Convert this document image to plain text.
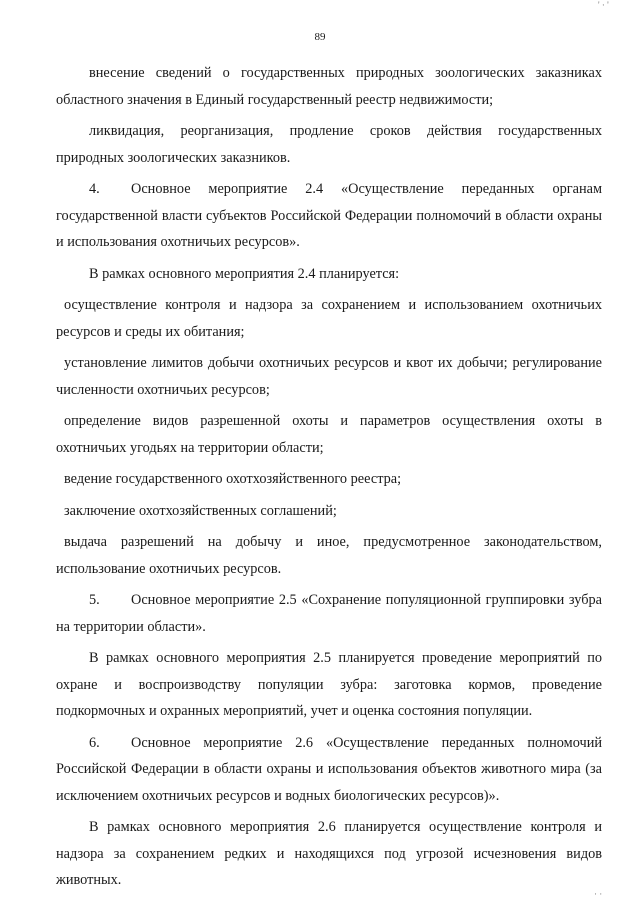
' · '
89

внесение сведений о государственных природных зоологических заказниках областного значения в Единый государственный реестр недвижимости;

ликвидация, реорганизация, продление сроков действия государственных природных зоологических заказников.

4. Основное мероприятие 2.4 «Осуществление переданных органам государственной власти субъектов Российской Федерации полномочий в области охраны и использования охотничьих ресурсов».

В рамках основного мероприятия 2.4 планируется:

осуществление контроля и надзора за сохранением и использованием охотничьих ресурсов и среды их обитания;

установление лимитов добычи охотничьих ресурсов и квот их добычи; регулирование численности охотничьих ресурсов;

определение видов разрешенной охоты и параметров осуществления охоты в охотничьих угодьях на территории области;

ведение государственного охотхозяйственного реестра;

заключение охотхозяйственных соглашений;

выдача разрешений на добычу и иное, предусмотренное законодательством, использование охотничьих ресурсов.

5. Основное мероприятие 2.5 «Сохранение популяционной группировки зубра на территории области».

В рамках основного мероприятия 2.5 планируется проведение мероприятий по охране и воспроизводству популяции зубра: заготовка кормов, проведение подкормочных и охранных мероприятий, учет и оценка состояния популяции.

6. Основное мероприятие 2.6 «Осуществление переданных полномочий Российской Федерации в области охраны и использования объектов животного мира (за исключением охотничьих ресурсов и водных биологических ресурсов)».

В рамках основного мероприятия 2.6 планируется осуществление контроля и надзора за сохранением редких и находящихся под угрозой исчезновения видов животных.

· ·
